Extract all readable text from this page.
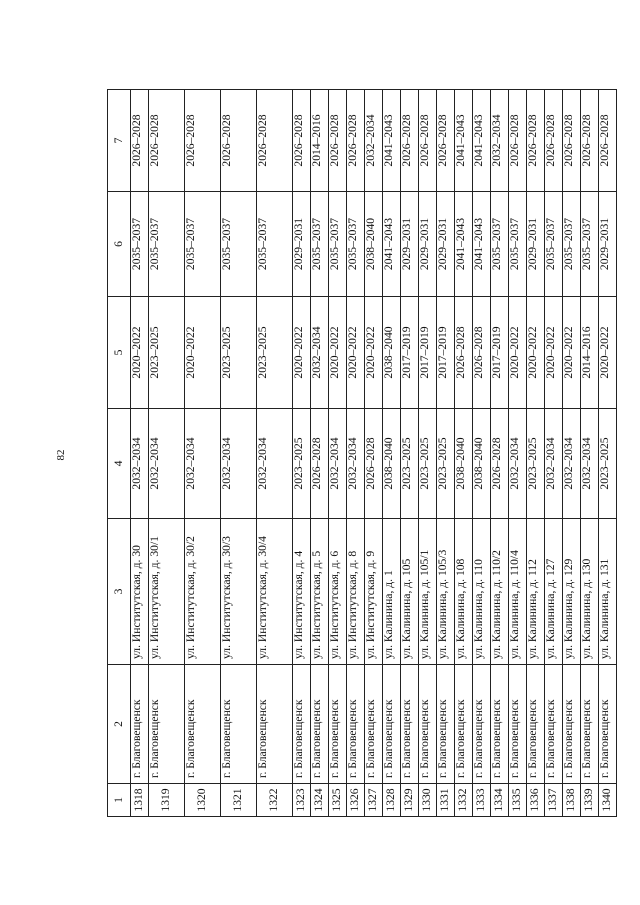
82
1	2	3	4	5	6	7
1318	г. Благовещенск	ул. Институтская, д. 30	2032–2034	2020–2022	2035–2037	2026–2028
1319	г. Благовещенск	ул. Институтская, д. 30/1	2032–2034	2023–2025	2035–2037	2026–2028
1320	г. Благовещенск	ул. Институтская, д. 30/2	2032–2034	2020–2022	2035–2037	2026–2028
1321	г. Благовещенск	ул. Институтская, д. 30/3	2032–2034	2023–2025	2035–2037	2026–2028
1322	г. Благовещенск	ул. Институтская, д. 30/4	2032–2034	2023–2025	2035–2037	2026–2028
1323	г. Благовещенск	ул. Институтская, д. 4	2023–2025	2020–2022	2029–2031	2026–2028
1324	г. Благовещенск	ул. Институтская, д. 5	2026–2028	2032–2034	2035–2037	2014–2016
1325	г. Благовещенск	ул. Институтская, д. 6	2032–2034	2020–2022	2035–2037	2026–2028
1326	г. Благовещенск	ул. Институтская, д. 8	2032–2034	2020–2022	2035–2037	2026–2028
1327	г. Благовещенск	ул. Институтская, д. 9	2026–2028	2020–2022	2038–2040	2032–2034
1328	г. Благовещенск	ул. Калинина, д. 1	2038–2040	2038–2040	2041–2043	2041–2043
1329	г. Благовещенск	ул. Калинина, д. 105	2023–2025	2017–2019	2029–2031	2026–2028
1330	г. Благовещенск	ул. Калинина, д. 105/1	2023–2025	2017–2019	2029–2031	2026–2028
1331	г. Благовещенск	ул. Калинина, д. 105/3	2023–2025	2017–2019	2029–2031	2026–2028
1332	г. Благовещенск	ул. Калинина, д. 108	2038–2040	2026–2028	2041–2043	2041–2043
1333	г. Благовещенск	ул. Калинина, д. 110	2038–2040	2026–2028	2041–2043	2041–2043
1334	г. Благовещенск	ул. Калинина, д. 110/2	2026–2028	2017–2019	2035–2037	2032–2034
1335	г. Благовещенск	ул. Калинина, д. 110/4	2032–2034	2020–2022	2035–2037	2026–2028
1336	г. Благовещенск	ул. Калинина, д. 112	2023–2025	2020–2022	2029–2031	2026–2028
1337	г. Благовещенск	ул. Калинина, д. 127	2032–2034	2020–2022	2035–2037	2026–2028
1338	г. Благовещенск	ул. Калинина, д. 129	2032–2034	2020–2022	2035–2037	2026–2028
1339	г. Благовещенск	ул. Калинина, д. 130	2032–2034	2014–2016	2035–2037	2026–2028
1340	г. Благовещенск	ул. Калинина, д. 131	2023–2025	2020–2022	2029–2031	2026–2028
